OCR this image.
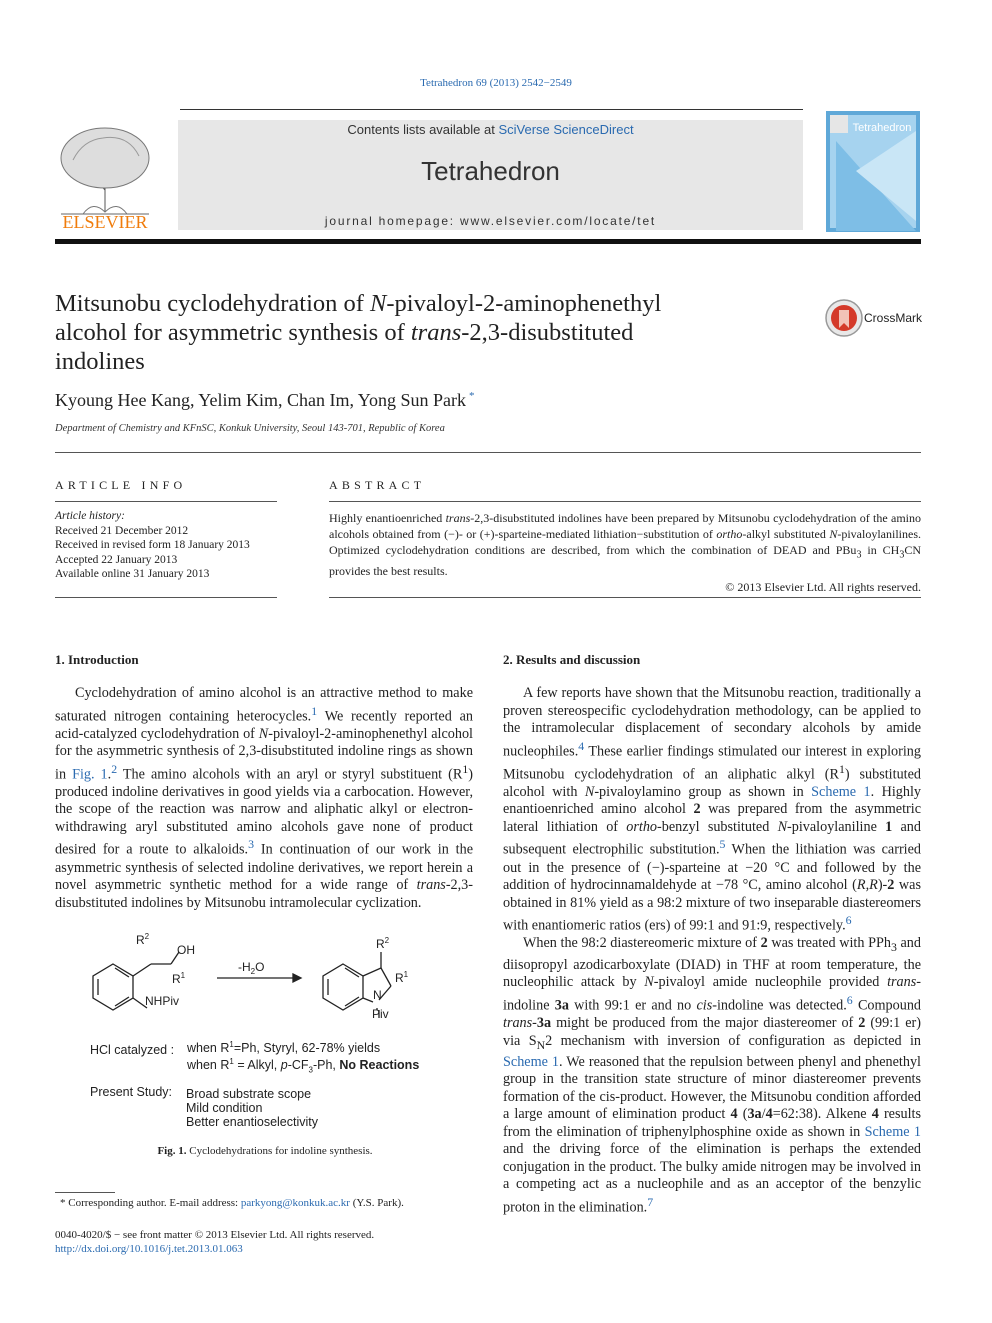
Tetrahedron 69 (2013) 2542−2549
ELSEVIER
Contents lists available at SciVerse ScienceDirect
Tetrahedron
journal homepage: www.elsevier.com/locate/tet
Tetrahedron
Mitsunobu cyclodehydration of N-pivaloyl-2-aminophenethyl
alcohol for asymmetric synthesis of trans-2,3-disubstituted
indolines
CrossMark
Kyoung Hee Kang, Yelim Kim, Chan Im, Yong Sun Park *
Department of Chemistry and KFnSC, Konkuk University, Seoul 143-701, Republic of Korea
ARTICLE INFO
Article history:
Received 21 December 2012
Received in revised form 18 January 2013
Accepted 22 January 2013
Available online 31 January 2013
ABSTRACT
Highly enantioenriched trans-2,3-disubstituted indolines have been prepared by Mitsunobu cyclodehydration of the amino alcohols obtained from (−)- or (+)-sparteine-mediated lithiation−substitution of ortho-alkyl substituted N-pivaloylanilines. Optimized cyclodehydration conditions are described, from which the combination of DEAD and PBu$_3$ in $CH_3CN$ provides the best results.
© 2013 Elsevier Ltd. All rights reserved.
1. Introduction

Cyclodehydration of amino alcohol is an attractive method to make saturated nitrogen containing heterocycles.$^1$ We recently reported an acid-catalyzed cyclodehydration of N-pivaloyl-2-aminophenethyl alcohol for the asymmetric synthesis of 2,3-disubstituted indoline rings as shown in Fig. 1.$^2$ The amino alcohols with an aryl or styryl substituent $(R^1)$ produced indoline derivatives in good yields via a carbocation. However, the scope of the reaction was narrow and aliphatic alkyl or electron-withdrawing aryl substituted amino alcohols gave none of product desired for a route to alkaloids.$^3$ In continuation of our work in the asymmetric synthesis of selected indoline derivatives, we report herein a novel asymmetric synthetic method for a wide range of trans-2,3-disubstituted indolines by Mitsunobu intramolecular cyclization.

$R^2$
OH
$R^1$
NHPiv
$-H_2O$
$R^2$
$R^1$
N
Piv
HCl catalyzed : when $R^1=Ph$, Styryl, 62-78% yields
when $R^1$ = Alkyl, $p-CF_3-Ph$, No Reactions
Present Study: Broad substrate scope
Mild condition
Better enantioselectivity
Fig. 1. Cyclodehydrations for indoline synthesis.
2. Results and discussion

A few reports have shown that the Mitsunobu reaction, traditionally a proven stereospecific cyclodehydration methodology, can be applied to the intramolecular displacement of secondary alcohols by amide nucleophiles.$^4$ These earlier findings stimulated our interest in exploring Mitsunobu cyclodehydration of an aliphatic alkyl $(R^1)$ substituted alcohol with N-pivaloylamino group as shown in Scheme 1. Highly enantioenriched amino alcohol 2 was prepared from the asymmetric lateral lithiation of ortho-benzyl substituted N-pivaloylaniline 1 and subsequent electrophilic substitution.$^5$ When the lithiation was carried out in the presence of (−)-sparteine at −20 °C and followed by the addition of hydrocinnamaldehyde at −78 °C, amino alcohol (R,R)-2 was obtained in 81% yield as a 98:2 mixture of two inseparable diastereomers with enantiomeric ratios (ers) of 99:1 and 91:9, respectively.$^6$

When the 98:2 diastereomeric mixture of 2 was treated with PPh$_3$ and diisopropyl azodicarboxylate (DIAD) in THF at room temperature, the nucleophilic attack by N-pivaloyl amide nucleophile provided trans-indoline 3a with 99:1 er and no cis-indoline was detected.$^6$ Compound trans-3a might be produced from the major diastereomer of 2 (99:1 er) via $S_N2$ mechanism with inversion of configuration as depicted in Scheme 1. We reasoned that the repulsion between phenyl and phenethyl group in the transition state structure of minor diastereomer prevents formation of the cis-product. However, the Mitsunobu condition afforded a large amount of elimination product 4 (3a/4=62:38). Alkene 4 results from the elimination of triphenylphosphine oxide as shown in Scheme 1 and the driving force of the elimination is perhaps the extended conjugation in the product. The bulky amide nitrogen may be involved in a competing act as a nucleophile and as an acceptor of the benzylic proton in the elimination.$^7$

* Corresponding author. E-mail address: parkyong@konkuk.ac.kr (Y.S. Park).
0040-4020/$ − see front matter © 2013 Elsevier Ltd. All rights reserved.
http://dx.doi.org/10.1016/j.tet.2013.01.063
